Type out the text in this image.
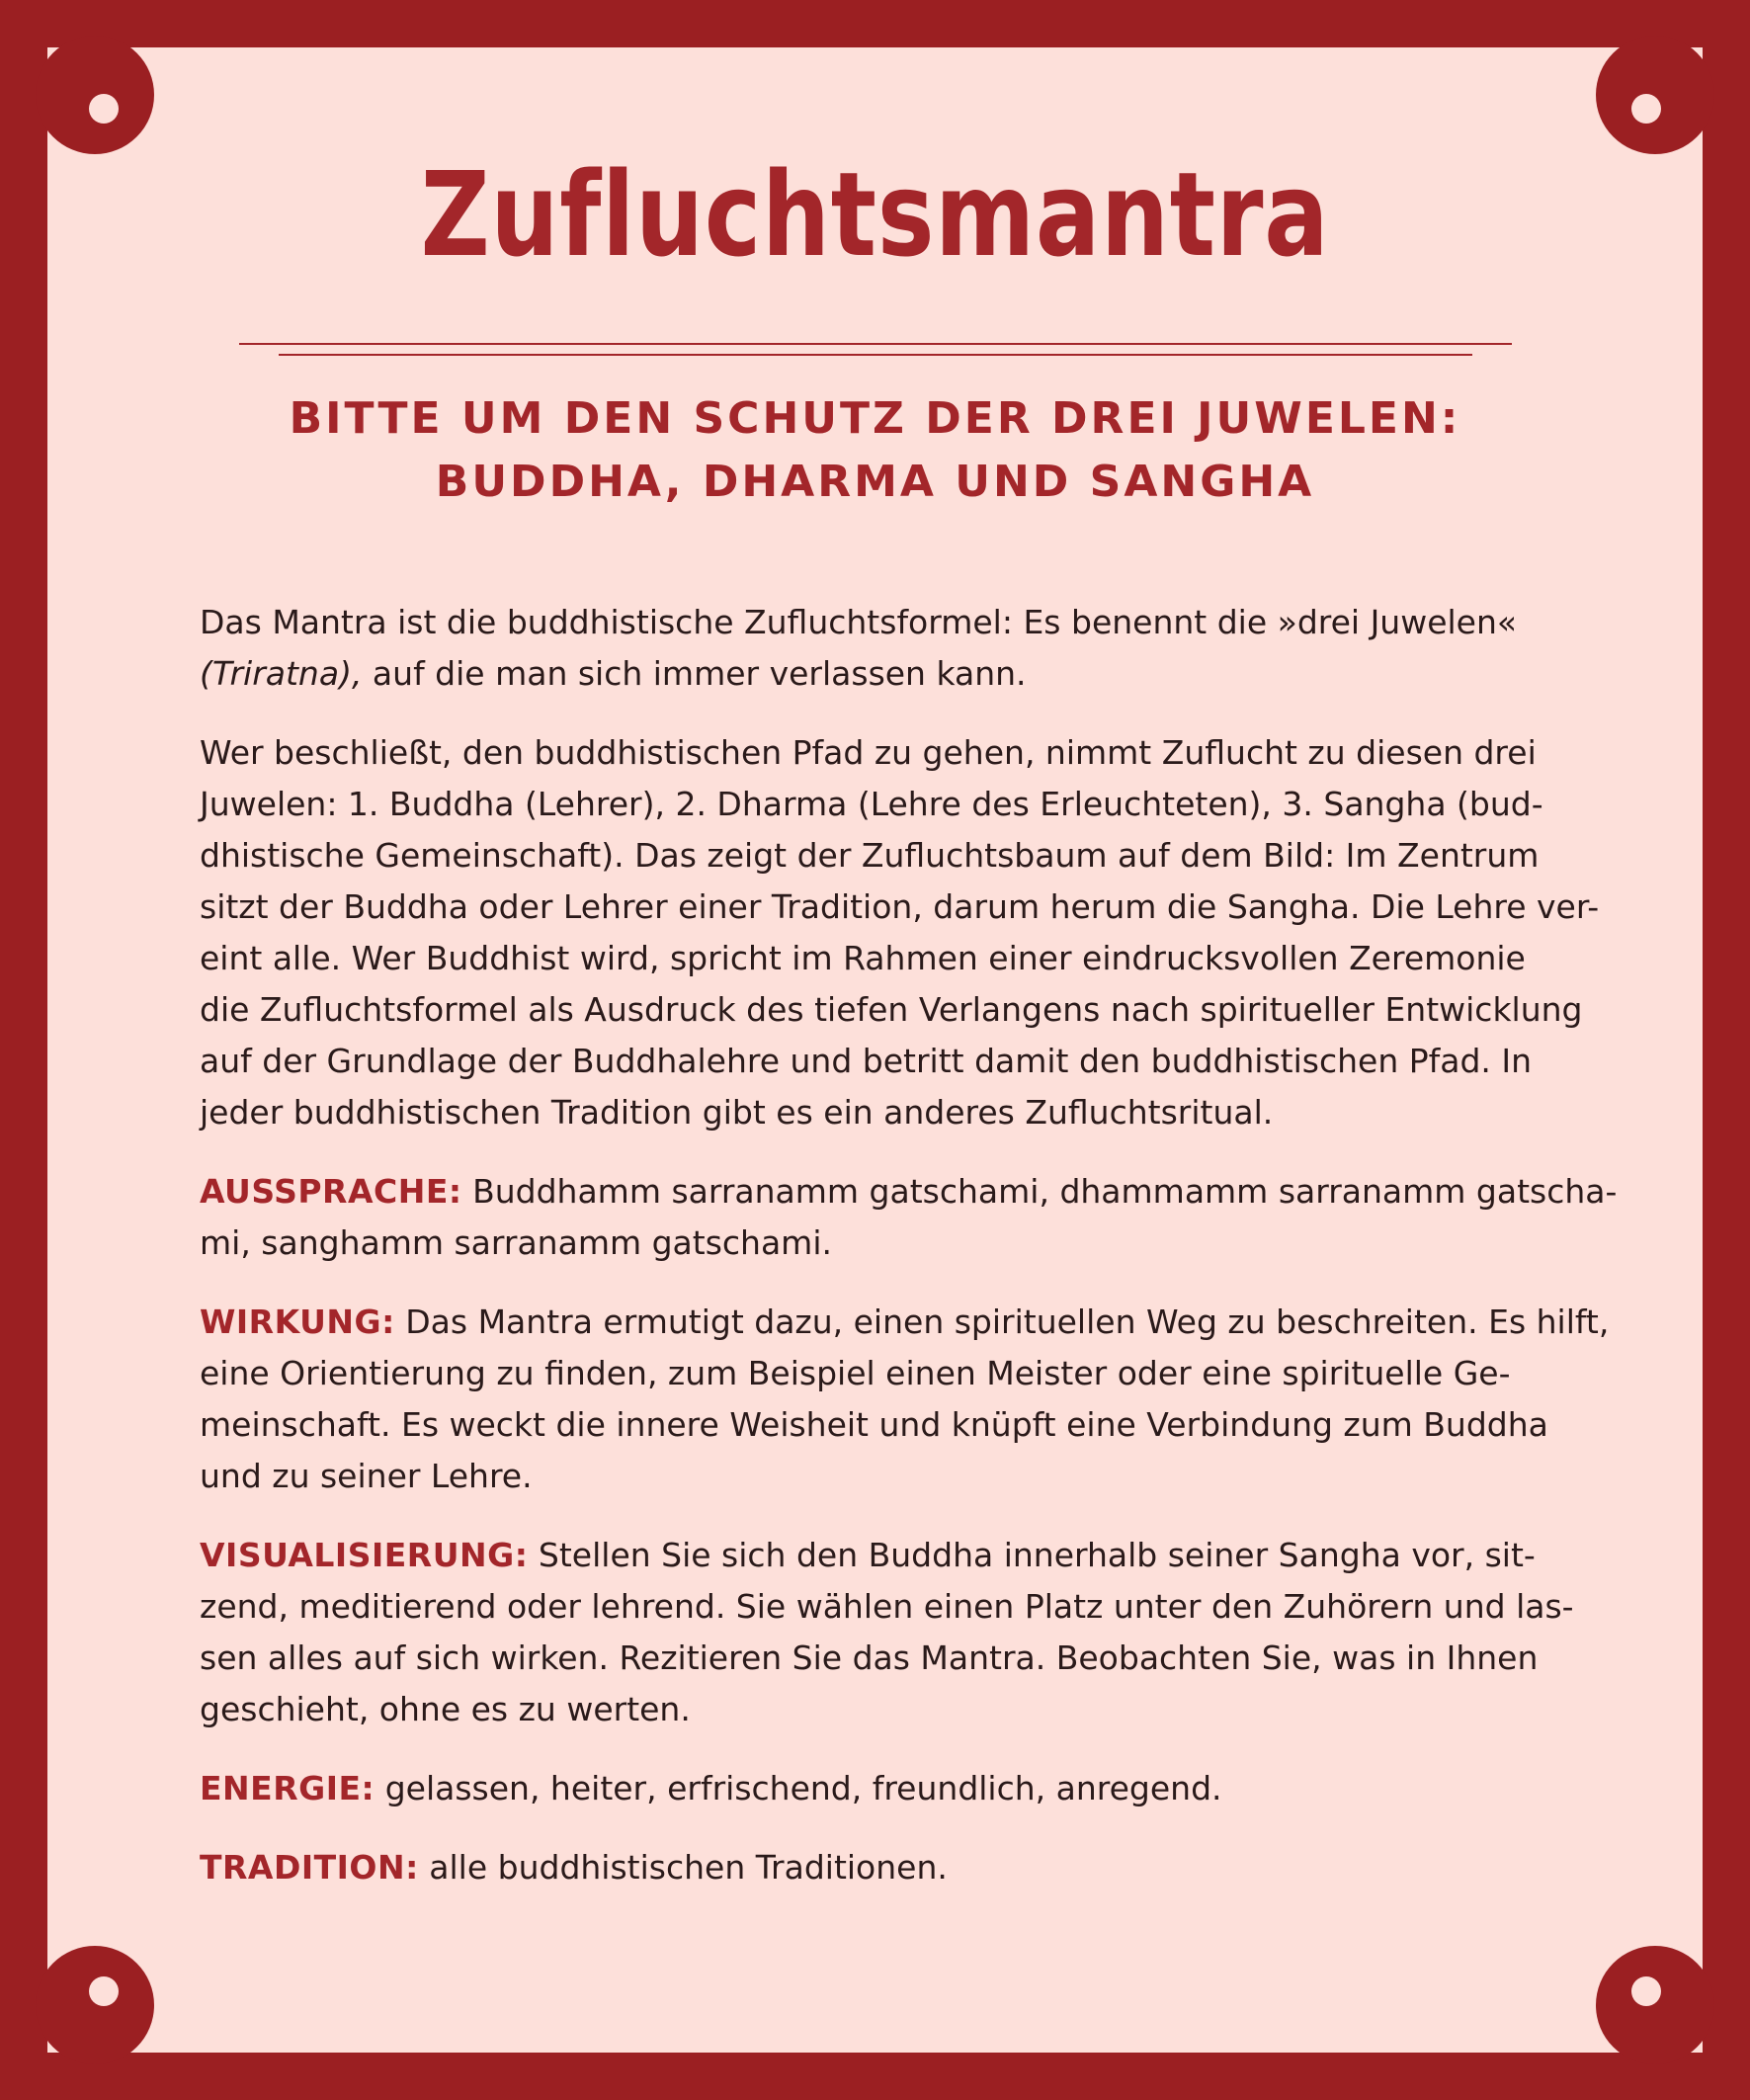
Zufluchtsmantra
BITTE UM DEN SCHUTZ DER DREI JUWELEN:
BUDDHA, DHARMA UND SANGHA
Das Mantra ist die buddhistische Zufluchtsformel: Es benennt die »drei Juwelen«
(Triratna), auf die man sich immer verlassen kann.
Wer beschließt, den buddhistischen Pfad zu gehen, nimmt Zuflucht zu diesen drei
Juwelen: 1. Buddha (Lehrer), 2. Dharma (Lehre des Erleuchteten), 3. Sangha (bud-
dhistische Gemeinschaft). Das zeigt der Zufluchtsbaum auf dem Bild: Im Zentrum
sitzt der Buddha oder Lehrer einer Tradition, darum herum die Sangha. Die Lehre ver-
eint alle. Wer Buddhist wird, spricht im Rahmen einer eindrucksvollen Zeremonie
die Zufluchtsformel als Ausdruck des tiefen Verlangens nach spiritueller Entwicklung
auf der Grundlage der Buddhalehre und betritt damit den buddhistischen Pfad. In
jeder buddhistischen Tradition gibt es ein anderes Zufluchtsritual.
AUSSPRACHE: Buddhamm sarranamm gatschami, dhammamm sarranamm gatscha-
mi, sanghamm sarranamm gatschami.
WIRKUNG: Das Mantra ermutigt dazu, einen spirituellen Weg zu beschreiten. Es hilft,
eine Orientierung zu finden, zum Beispiel einen Meister oder eine spirituelle Ge-
meinschaft. Es weckt die innere Weisheit und knüpft eine Verbindung zum Buddha
und zu seiner Lehre.
VISUALISIERUNG: Stellen Sie sich den Buddha innerhalb seiner Sangha vor, sit-
zend, meditierend oder lehrend. Sie wählen einen Platz unter den Zuhörern und las-
sen alles auf sich wirken. Rezitieren Sie das Mantra. Beobachten Sie, was in Ihnen
geschieht, ohne es zu werten.
ENERGIE: gelassen, heiter, erfrischend, freundlich, anregend.
TRADITION: alle buddhistischen Traditionen.
